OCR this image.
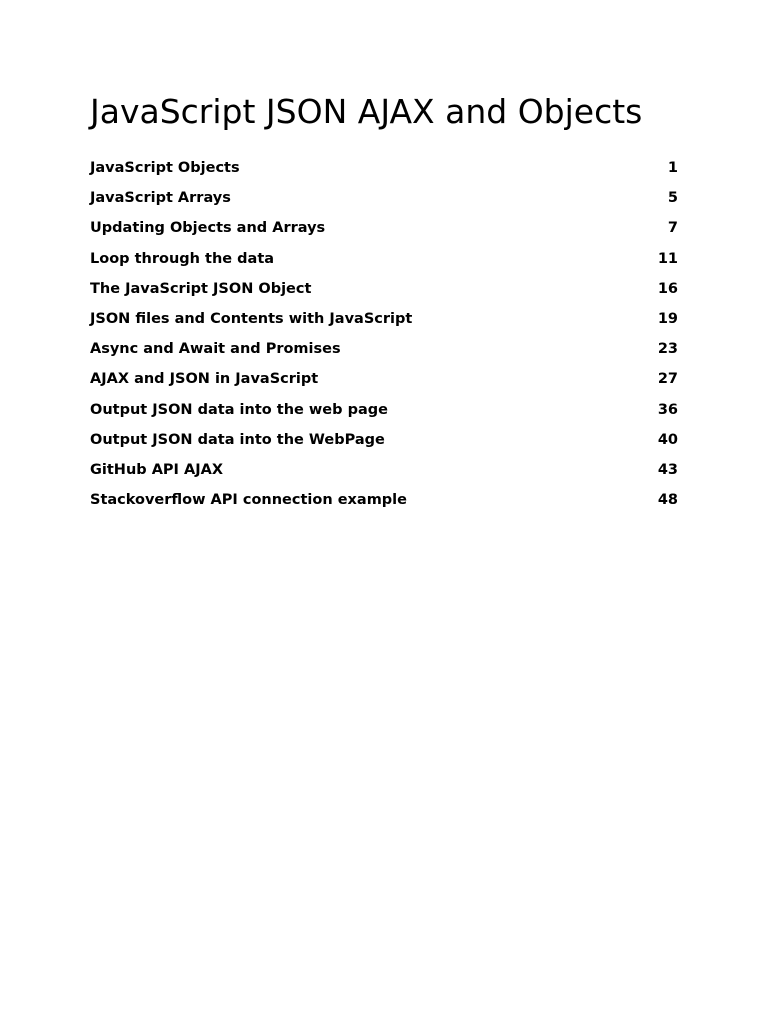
JavaScript JSON AJAX and Objects
JavaScript Objects	1
JavaScript Arrays	5
Updating Objects and Arrays	7
Loop through the data	11
The JavaScript JSON Object	16
JSON files and Contents with JavaScript	19
Async and Await and Promises	23
AJAX and JSON in JavaScript	27
Output JSON data into the web page	36
Output JSON data into the WebPage	40
GitHub API AJAX	43
Stackoverflow API connection example	48
